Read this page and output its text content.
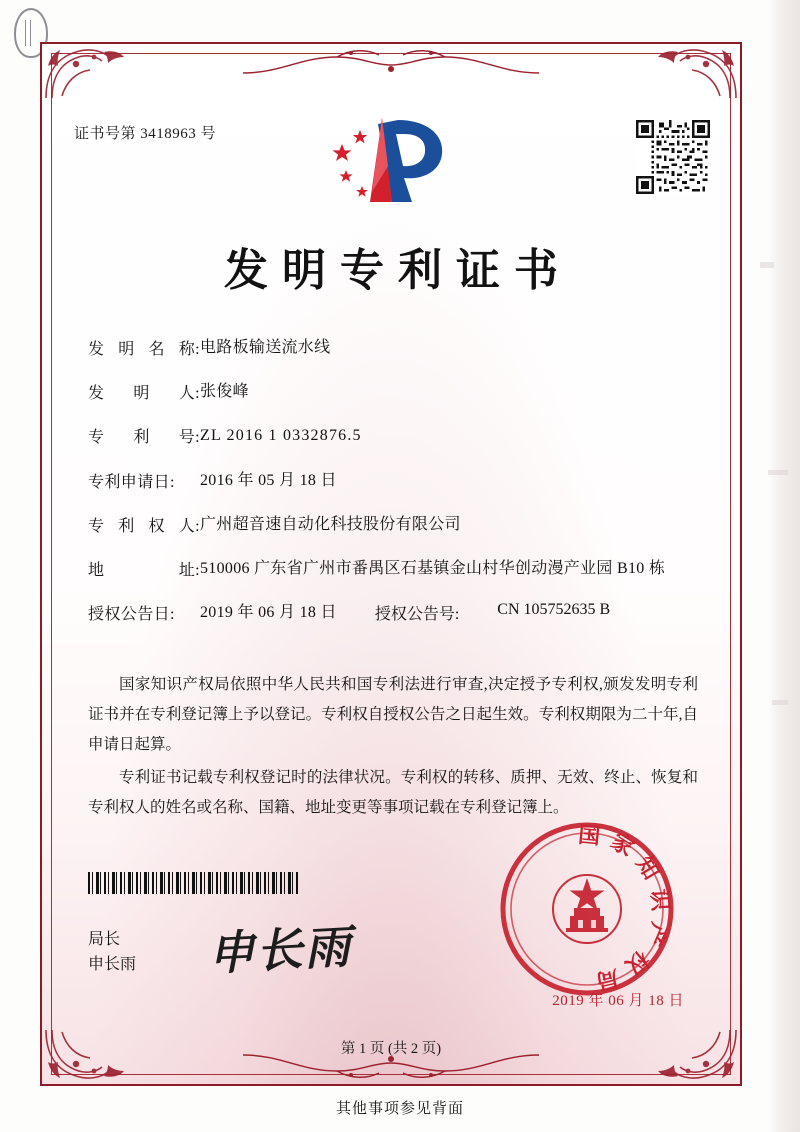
证书号第 3418963 号
发明专利证书
发 明 名 称: 电路板输送流水线
发 明 人: 张俊峰
专 利 号: ZL 2016 1 0332876.5
专利申请日:	2016 年 05 月 18 日
专 利 权 人: 广州超音速自动化科技股份有限公司
地	址: 510006 广东省广州市番禺区石基镇金山村华创动漫产业园 B10 栋
授权公告日:	2019 年 06 月 18 日 授权公告号: CN 105752635 B

国家知识产权局依照中华人民共和国专利法进行审查,决定授予专利权,颁发发明专利证书并在专利登记簿上予以登记。专利权自授权公告之日起生效。专利权期限为二十年,自申请日起算。

专利证书记载专利权登记时的法律状况。专利权的转移、质押、无效、终止、恢复和专利权人的姓名或名称、国籍、地址变更等事项记载在专利登记簿上。

局长
申长雨 申长雨
国家知识产权局
2019 年 06 月 18 日
第 1 页 (共 2 页)
其他事项参见背面
